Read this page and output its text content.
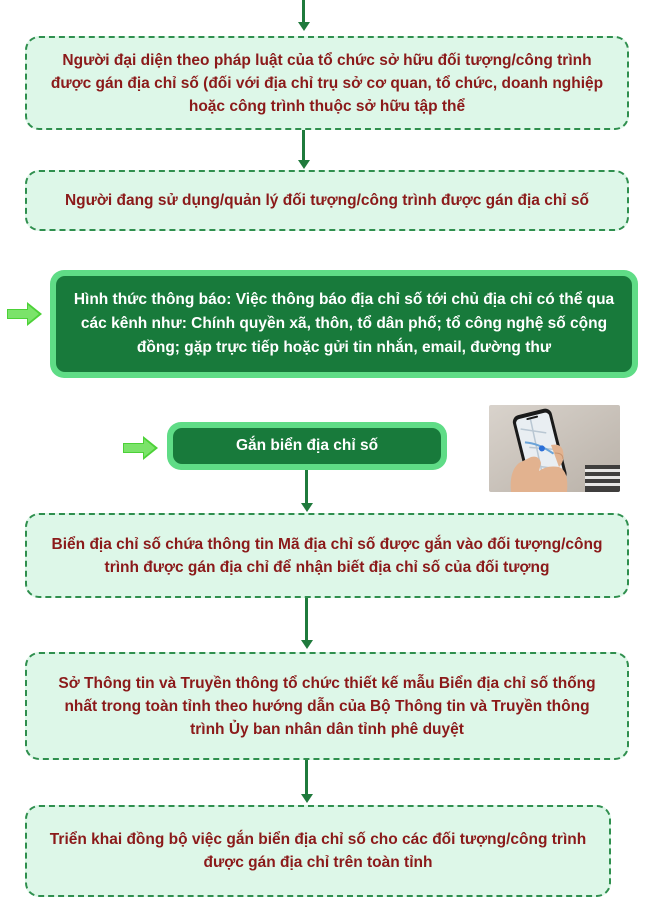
Người đại diện theo pháp luật của tổ chức sở hữu đối tượng/công trình được gán địa chỉ số (đối với địa chỉ trụ sở cơ quan, tổ chức, doanh nghiệp hoặc công trình thuộc sở hữu tập thể
Người đang sử dụng/quản lý đối tượng/công trình được gán địa chỉ số
Hình thức thông báo: Việc thông báo địa chỉ số tới chủ địa chỉ có thể qua các kênh như: Chính quyền xã, thôn, tổ dân phố; tổ công nghệ số cộng đồng; gặp trực tiếp hoặc gửi tin nhắn, email, đường thư
Gắn biển địa chỉ số
Biển địa chỉ số chứa thông tin Mã địa chỉ số được gắn vào đối tượng/công trình được gán địa chỉ để nhận biết địa chỉ số của đối tượng
Sở Thông tin và Truyền thông tổ chức thiết kế mẫu Biển địa chỉ số thống nhất trong toàn tỉnh theo hướng dẫn của Bộ Thông tin và Truyền thông trình Ủy ban nhân dân tỉnh phê duyệt
Triển khai đồng bộ việc gắn biển địa chỉ số cho các đối tượng/công trình được gán địa chỉ trên toàn tỉnh
